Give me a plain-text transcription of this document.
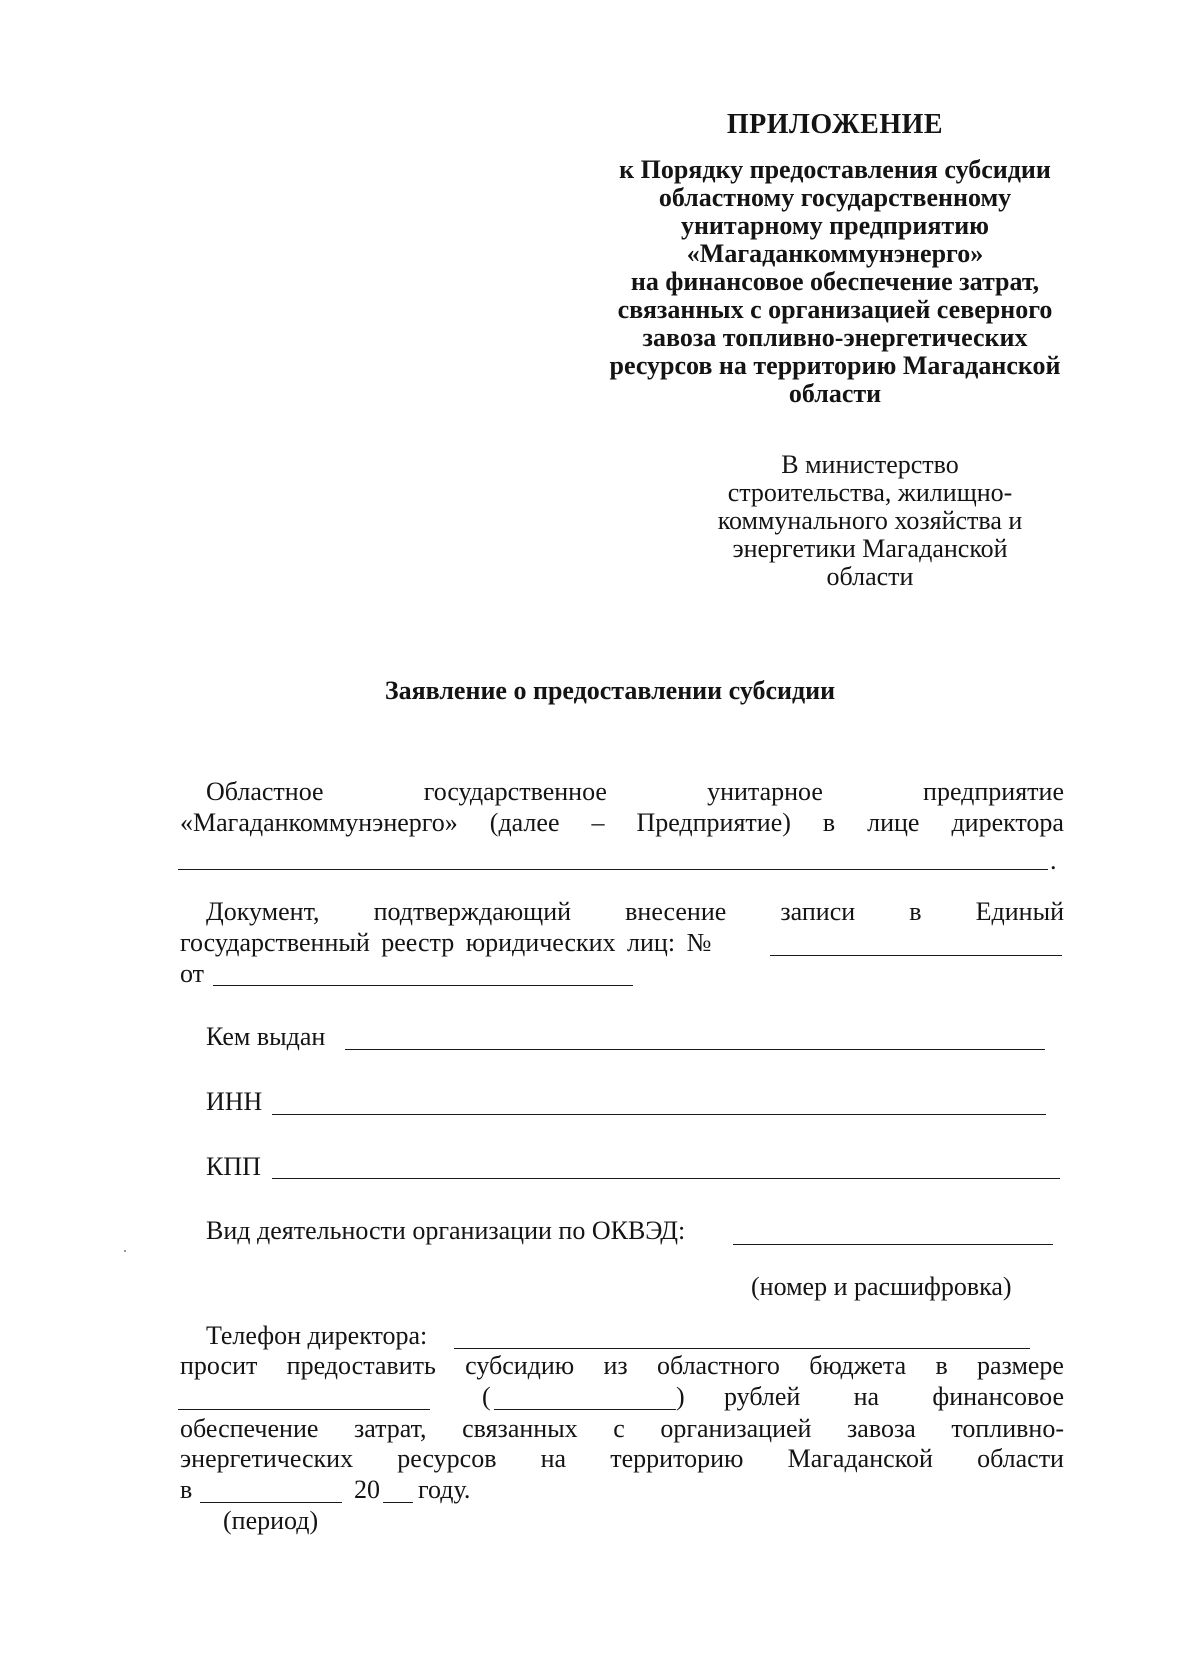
ПРИЛОЖЕНИЕ
к Порядку предоставления субсидии
областному государственному
унитарному предприятию
«Магаданкоммунэнерго»
на финансовое обеспечение затрат,
связанных с организацией северного
завоза топливно-энергетических
ресурсов на территорию Магаданской
области
В министерство
строительства, жилищно-
коммунального хозяйства и
энергетики Магаданской
области
Заявление о предоставлении субсидии
Областное	государственное	унитарное	предприятие
«Магаданкоммунэнерго» (далее – Предприятие) в лице директора
.
Документ, подтверждающий внесение записи в Единый
государственный реестр юридических лиц: №
от
Кем выдан
ИНН
КПП
Вид деятельности организации по ОКВЭД:
(номер и расшифровка)
Телефон директора:
просит предоставить субсидию из областного бюджета в размере
(	) рублей на финансовое
обеспечение затрат, связанных с организацией завоза топливно-
энергетических ресурсов на территорию Магаданской области
в	20 году.
(период)
